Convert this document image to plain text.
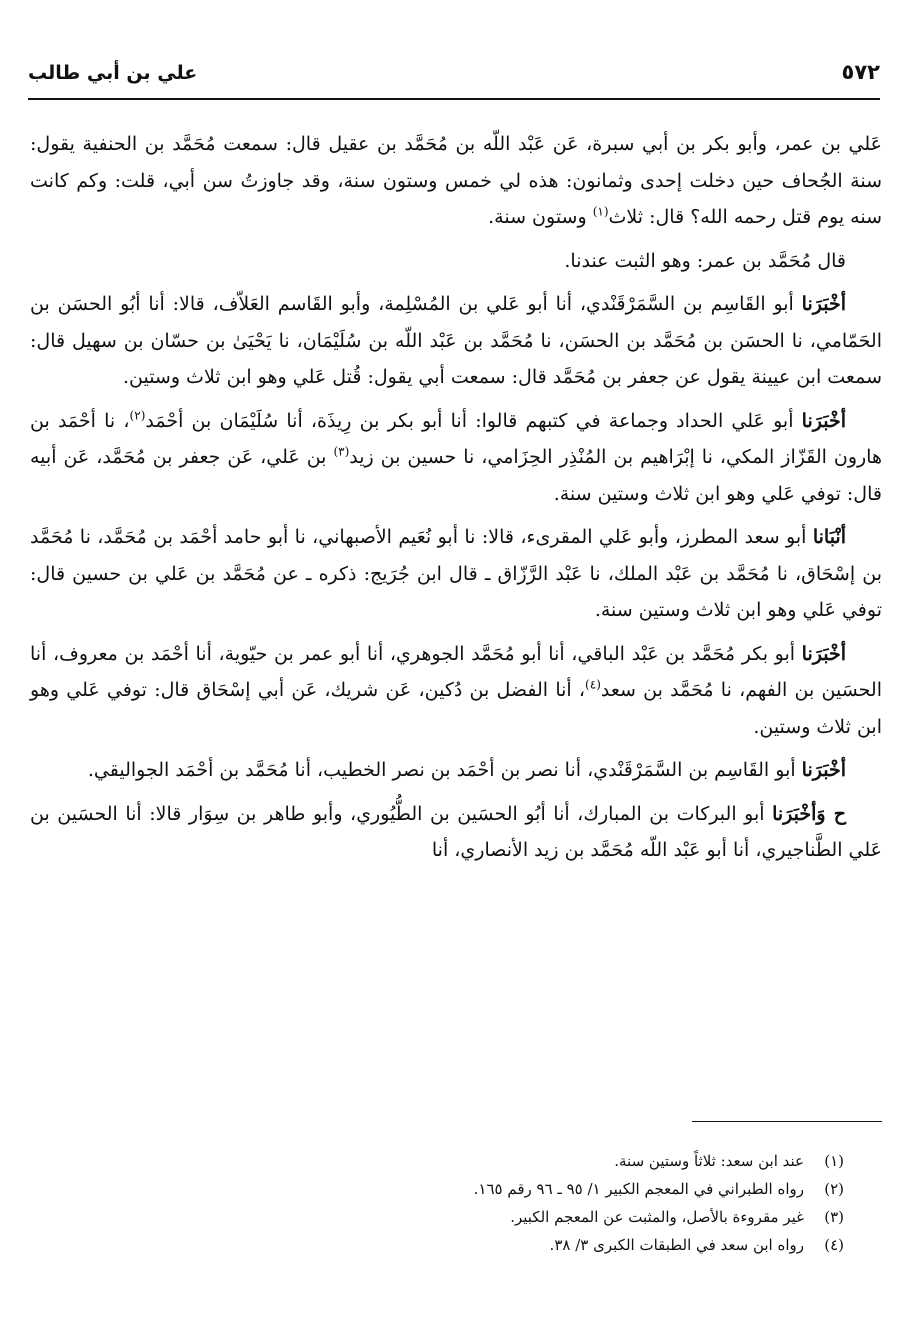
٥٧٢
علي بن أبي طالب

عَلي بن عمر، وأبو بكر بن أبي سبرة، عَن عَبْد اللّه بن مُحَمَّد بن عقيل قال: سمعت مُحَمَّد بن الحنفية يقول: سنة الجُحاف حين دخلت إحدى وثمانون: هذه لي خمس وستون سنة، وقد جاوزتُ سن أبي، قلت: وكم كانت سنه يوم قتل رحمه الله؟ قال: ثلاث$^{(١)}$ وستون سنة.

قال مُحَمَّد بن عمر: وهو الثبت عندنا.

أخْبَرَنا أبو القَاسِم بن السَّمَرْقَنْدي، أنا أبو عَلي بن المُسْلِمة، وأبو القَاسم العَلاّف، قالا: أنا أبُو الحسَن بن الحَمّامي، نا الحسَن بن مُحَمَّد بن الحسَن، نا مُحَمَّد بن عَبْد اللّه بن سُلَيْمَان، نا يَحْيَىٰ بن حسّان بن سهيل قال: سمعت ابن عيينة يقول عن جعفر بن مُحَمَّد قال: سمعت أبي يقول: قُتل عَلي وهو ابن ثلاث وستين.

أخْبَرَنا أبو عَلي الحداد وجماعة في كتبهم قالوا: أنا أبو بكر بن رِيذَة، أنا سُلَيْمَان بن أحْمَد$^{(٢)}$، نا أحْمَد بن هارون القَزّاز المكي، نا إبْرَاهيم بن المُنْذِر الحِزَامي، نا حسين بن زيد$^{(٣)}$ بن عَلي، عَن جعفر بن مُحَمَّد، عَن أبيه قال: توفي عَلي وهو ابن ثلاث وستين سنة.

أنْبَانا أبو سعد المطرز، وأبو عَلي المقرىء، قالا: نا أبو نُعَيم الأصبهاني، نا أبو حامد أحْمَد بن مُحَمَّد، نا مُحَمَّد بن إسْحَاق، نا مُحَمَّد بن عَبْد الملك، نا عَبْد الرَّزّاق ـ قال ابن جُرَيج: ذكره ـ عن مُحَمَّد بن عَلي بن حسين قال: توفي عَلي وهو ابن ثلاث وستين سنة.

أخْبَرَنا أبو بكر مُحَمَّد بن عَبْد الباقي، أنا أبو مُحَمَّد الجوهري، أنا أبو عمر بن حيّوية، أنا أحْمَد بن معروف، أنا الحسَين بن الفهم، نا مُحَمَّد بن سعد$^{(٤)}$، أنا الفضل بن دُكين، عَن شريك، عَن أبي إسْحَاق قال: توفي عَلي وهو ابن ثلاث وستين.

أخْبَرَنا أبو القَاسِم بن السَّمَرْقَنْدي، أنا نصر بن أحْمَد بن نصر الخطيب، أنا مُحَمَّد بن أحْمَد الجواليقي.

ح وَأخْبَرَنا أبو البركات بن المبارك، أنا أبُو الحسَين بن الطُّيُوري، وأبو طاهر بن سِوَار قالا: أنا الحسَين بن عَلي الطَّناجيري، أنا أبو عَبْد اللّه مُحَمَّد بن زيد الأنصاري، أنا

(١)
عند ابن سعد: ثلاثاً وستين سنة.

(٢)
رواه الطبراني في المعجم الكبير ١/ ٩٥ ـ ٩٦ رقم ١٦٥.

(٣)
غير مقروءة بالأصل، والمثبت عن المعجم الكبير.

(٤)
رواه ابن سعد في الطبقات الكبرى ٣/ ٣٨.
